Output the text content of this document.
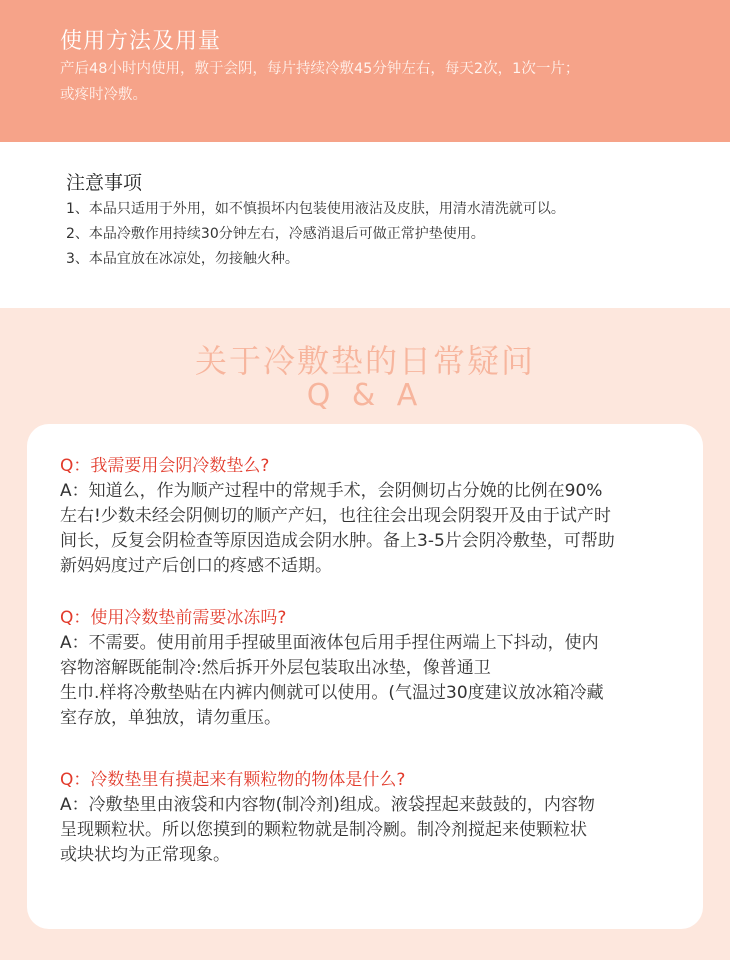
使用方法及用量
产后48小时内使用，敷于会阴，每片持续冷敷45分钟左右，每天2次，1次一片；
或疼时冷敷。
注意事项
1、本品只适用于外用，如不慎损坏内包装使用液沾及皮肤，用清水清洗就可以。
2、本品冷敷作用持续30分钟左右，冷感消退后可做正常护垫使用。
3、本品宜放在冰凉处，勿接触火种。
关于冷敷垫的日常疑问
Q & A
Q：我需要用会阴冷数垫么?
A：知道么，作为顺产过程中的常规手术，会阴侧切占分娩的比例在90%
左右!少数未经会阴侧切的顺产产妇，也往往会出现会阴裂开及由于试产时
间长，反复会阴检查等原因造成会阴水肿。备上3-5片会阴冷敷垫，可帮助
新妈妈度过产后创口的疼感不适期。
Q：使用冷数垫前需要冰冻吗?
A：不需要。使用前用手捏破里面液体包后用手捏住两端上下抖动，使内
容物溶解既能制冷:然后拆开外层包装取出冰垫，像普通卫
生巾.样将冷敷垫贴在内裤内侧就可以使用。(气温过30度建议放冰箱冷藏
室存放，单独放，请勿重压。
Q：冷数垫里有摸起来有颗粒物的物体是什么?
A：冷敷垫里由液袋和内容物(制冷剂)组成。液袋捏起来鼓鼓的，内容物
呈现颗粒状。所以您摸到的颗粒物就是制冷劂。制冷剂搅起来使颗粒状
或块状均为正常现象。
